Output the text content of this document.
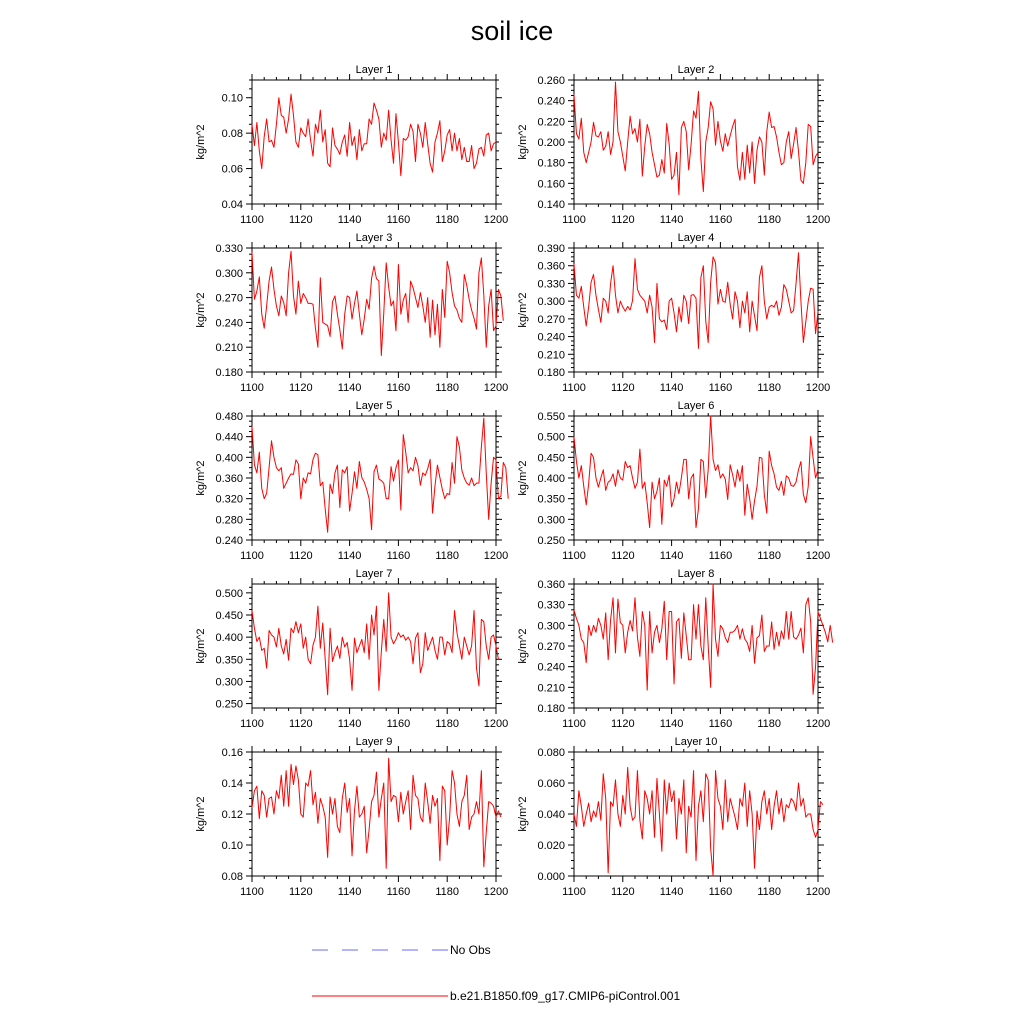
soil ice
Layer 1
1100 1120 1140 1160 1180 1200
0.04
0.06
0.08
0.10
kg/m^2
Layer 2
1100 1120 1140 1160 1180 1200
0.140
0.160
0.180
0.200
0.220
0.240
0.260
kg/m^2
Layer 3
1100 1120 1140 1160 1180 1200
0.180
0.210
0.240
0.270
0.300
0.330
kg/m^2
Layer 4
1100 1120 1140 1160 1180 1200
0.180
0.210
0.240
0.270
0.300
0.330
0.360
0.390
kg/m^2
Layer 5
1100 1120 1140 1160 1180 1200
0.240
0.280
0.320
0.360
0.400
0.440
0.480
kg/m^2
Layer 6
1100 1120 1140 1160 1180 1200
0.250
0.300
0.350
0.400
0.450
0.500
0.550
kg/m^2
Layer 7
1100 1120 1140 1160 1180 1200
0.250
0.300
0.350
0.400
0.450
0.500
kg/m^2
Layer 8
1100 1120 1140 1160 1180 1200
0.180
0.210
0.240
0.270
0.300
0.330
0.360
kg/m^2
Layer 9
1100 1120 1140 1160 1180 1200
0.08
0.10
0.12
0.14
0.16
kg/m^2
Layer 10
1100 1120 1140 1160 1180 1200
0.000
0.020
0.040
0.060
0.080
kg/m^2
No Obs
b.e21.B1850.f09_g17.CMIP6-piControl.001
